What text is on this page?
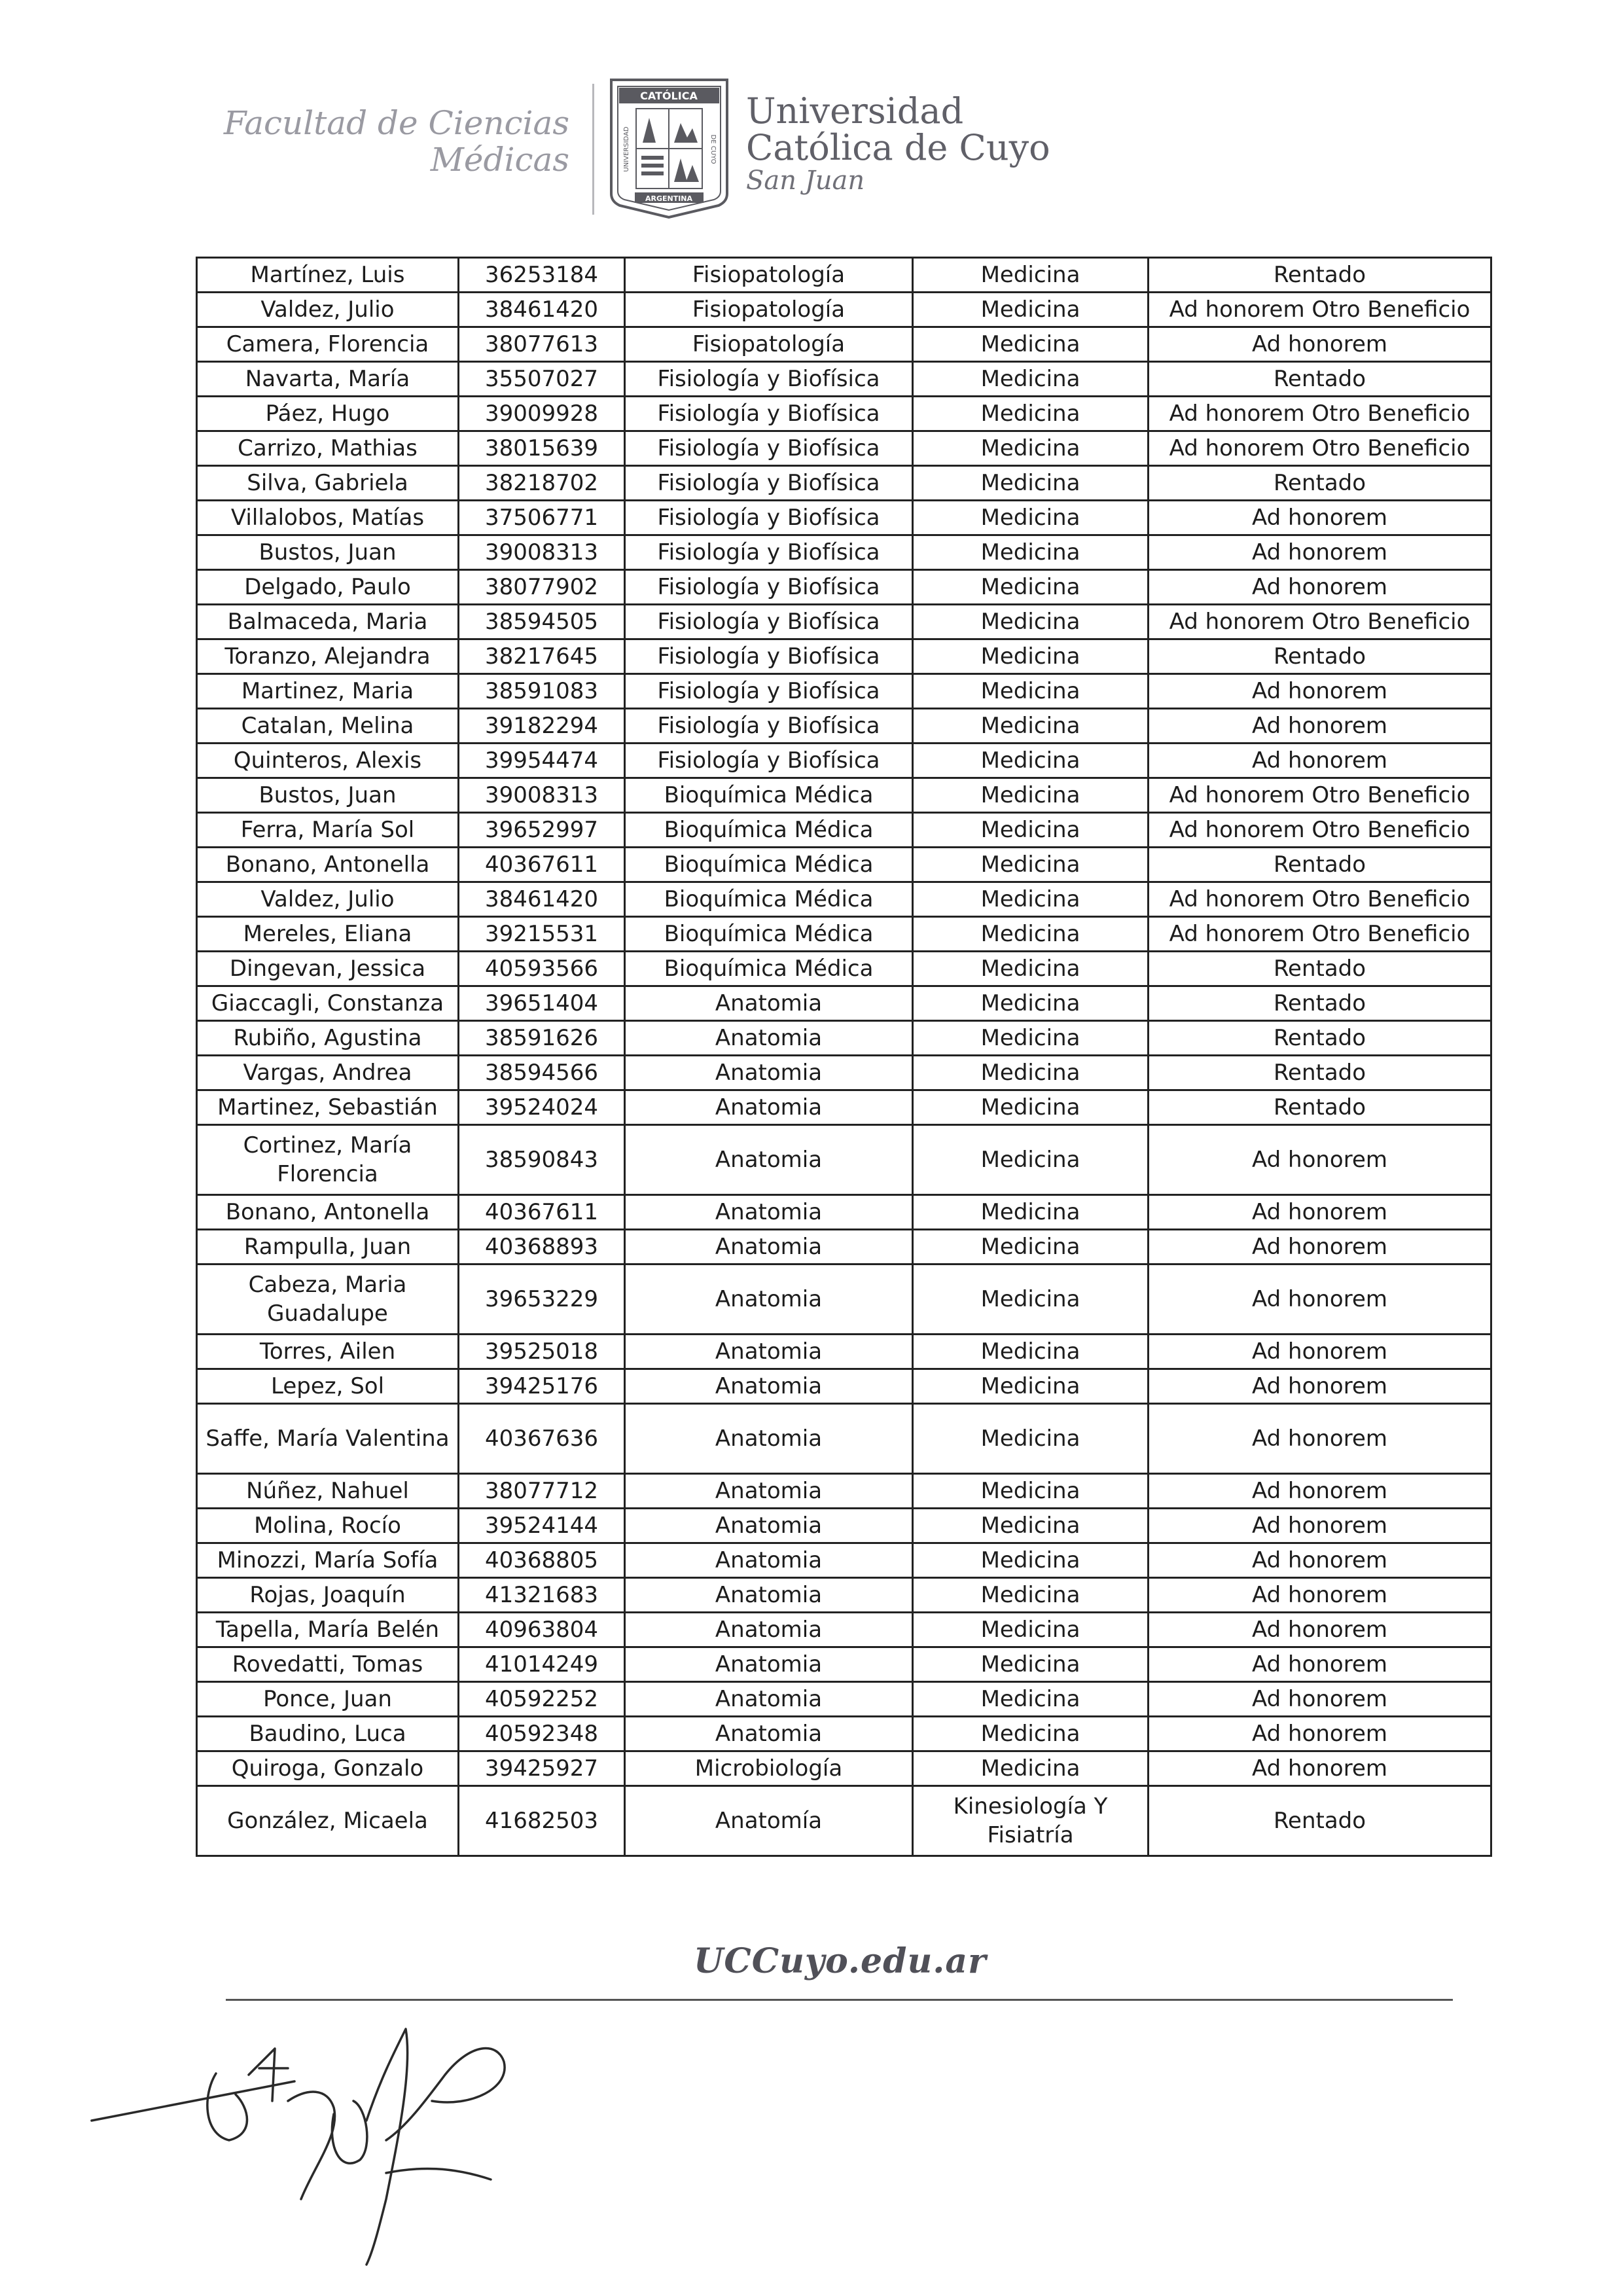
Facultad de Ciencias
Médicas
CATÓLICA
UNIVERSIDAD	DE CUYO
ARGENTINA
Universidad
Católica de Cuyo
San Juan
Martínez, Luis	36253184	Fisiopatología	Medicina	Rentado
Valdez, Julio	38461420	Fisiopatología	Medicina	Ad honorem Otro Beneficio
Camera, Florencia	38077613	Fisiopatología	Medicina	Ad honorem
Navarta, María	35507027	Fisiología y Biofísica	Medicina	Rentado
Páez, Hugo	39009928	Fisiología y Biofísica	Medicina	Ad honorem Otro Beneficio
Carrizo, Mathias	38015639	Fisiología y Biofísica	Medicina	Ad honorem Otro Beneficio
Silva, Gabriela	38218702	Fisiología y Biofísica	Medicina	Rentado
Villalobos, Matías	37506771	Fisiología y Biofísica	Medicina	Ad honorem
Bustos, Juan	39008313	Fisiología y Biofísica	Medicina	Ad honorem
Delgado, Paulo	38077902	Fisiología y Biofísica	Medicina	Ad honorem
Balmaceda, Maria	38594505	Fisiología y Biofísica	Medicina	Ad honorem Otro Beneficio
Toranzo, Alejandra	38217645	Fisiología y Biofísica	Medicina	Rentado
Martinez, Maria	38591083	Fisiología y Biofísica	Medicina	Ad honorem
Catalan, Melina	39182294	Fisiología y Biofísica	Medicina	Ad honorem
Quinteros, Alexis	39954474	Fisiología y Biofísica	Medicina	Ad honorem
Bustos, Juan	39008313	Bioquímica Médica	Medicina	Ad honorem Otro Beneficio
Ferra, María Sol	39652997	Bioquímica Médica	Medicina	Ad honorem Otro Beneficio
Bonano, Antonella	40367611	Bioquímica Médica	Medicina	Rentado
Valdez, Julio	38461420	Bioquímica Médica	Medicina	Ad honorem Otro Beneficio
Mereles, Eliana	39215531	Bioquímica Médica	Medicina	Ad honorem Otro Beneficio
Dingevan, Jessica	40593566	Bioquímica Médica	Medicina	Rentado
Giaccagli, Constanza	39651404	Anatomia	Medicina	Rentado
Rubiño, Agustina	38591626	Anatomia	Medicina	Rentado
Vargas, Andrea	38594566	Anatomia	Medicina	Rentado
Martinez, Sebastián	39524024	Anatomia	Medicina	Rentado
Cortinez, María Florencia	38590843	Anatomia	Medicina	Ad honorem
Bonano, Antonella	40367611	Anatomia	Medicina	Ad honorem
Rampulla, Juan	40368893	Anatomia	Medicina	Ad honorem
Cabeza, Maria Guadalupe	39653229	Anatomia	Medicina	Ad honorem
Torres, Ailen	39525018	Anatomia	Medicina	Ad honorem
Lepez, Sol	39425176	Anatomia	Medicina	Ad honorem
Saffe, María Valentina	40367636	Anatomia	Medicina	Ad honorem
Núñez, Nahuel	38077712	Anatomia	Medicina	Ad honorem
Molina, Rocío	39524144	Anatomia	Medicina	Ad honorem
Minozzi, María Sofía	40368805	Anatomia	Medicina	Ad honorem
Rojas, Joaquín	41321683	Anatomia	Medicina	Ad honorem
Tapella, María Belén	40963804	Anatomia	Medicina	Ad honorem
Rovedatti, Tomas	41014249	Anatomia	Medicina	Ad honorem
Ponce, Juan	40592252	Anatomia	Medicina	Ad honorem
Baudino, Luca	40592348	Anatomia	Medicina	Ad honorem
Quiroga, Gonzalo	39425927	Microbiología	Medicina	Ad honorem
González, Micaela	41682503	Anatomía	Kinesiología Y Fisiatría	Rentado
UCCuyo.edu.ar
